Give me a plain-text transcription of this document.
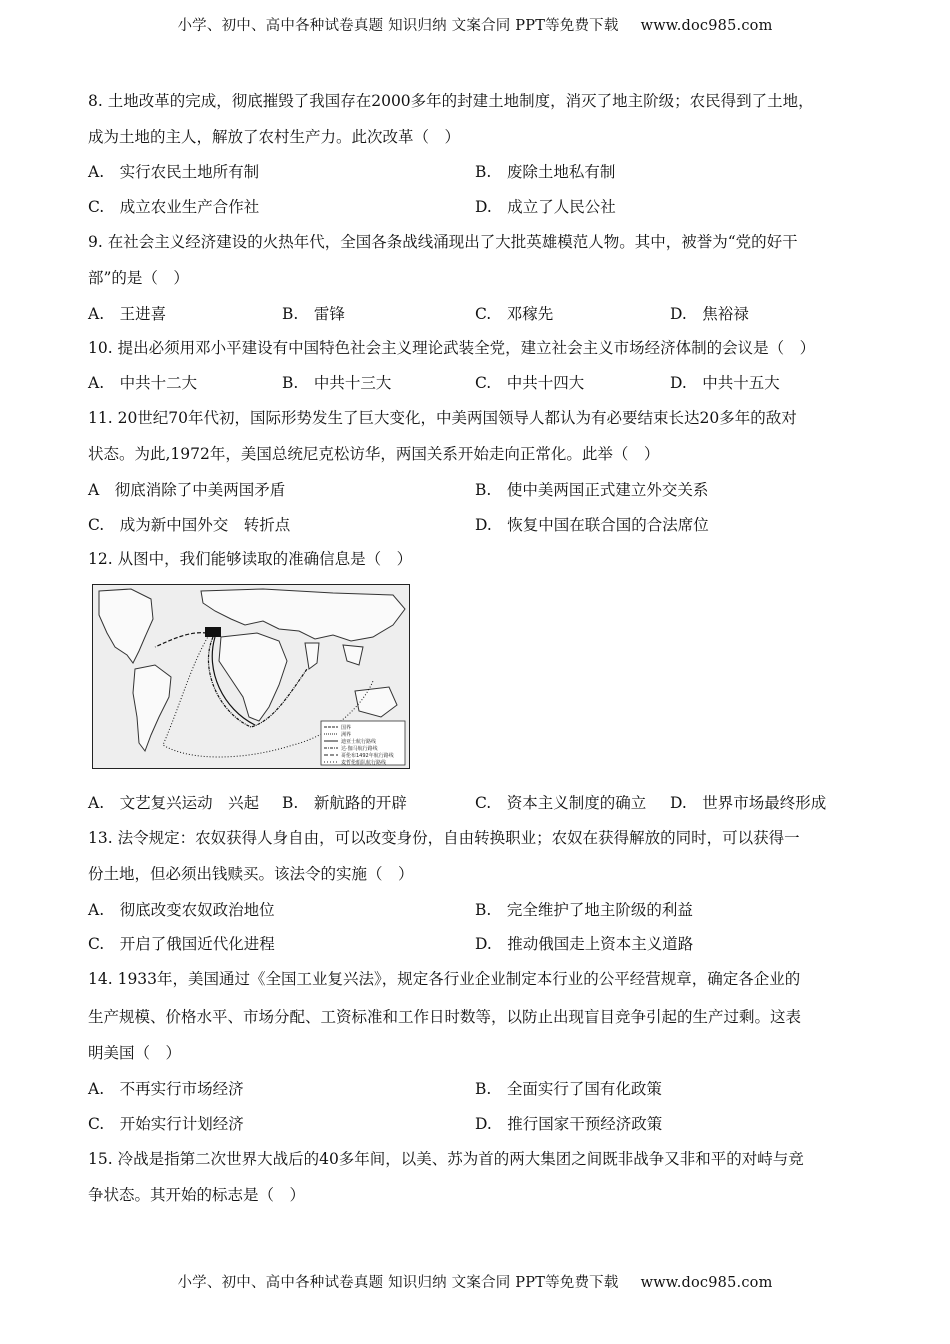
小学、初中、高中各种试卷真题 知识归纳 文案合同 PPT等免费下载 www.doc985.com
8. 土地改革的完成，彻底摧毁了我国存在2000多年的封建土地制度，消灭了地主阶级；农民得到了土地，
成为土地的主人，解放了农村生产力。此次改革（　）
A.　实行农民土地所有制	B.　废除土地私有制
C.　成立农业生产合作社	D.　成立了人民公社
9. 在社会主义经济建设的火热年代，全国各条战线涌现出了大批英雄模范人物。其中，被誉为“党的好干
部”的是（　）
A.　王进喜	B.　雷锋	C.　邓稼先	D.　焦裕禄
10. 提出必须用邓小平建设有中国特色社会主义理论武装全党，建立社会主义市场经济体制的会议是（　）
A.　中共十二大	B.　中共十三大	C.　中共十四大	D.　中共十五大
11. 20世纪70年代初，国际形势发生了巨大变化，中美两国领导人都认为有必要结束长达20多年的敌对
状态。为此,1972年，美国总统尼克松访华，两国关系开始走向正常化。此举（　）
A　彻底消除了中美两国矛盾	B.　使中美两国正式建立外交关系
C.　成为新中国外交　转折点	D.　恢复中国在联合国的合法席位
12. 从图中，我们能够读取的准确信息是（　）
国界
洲界
迪亚士航行路线
达·伽马航行路线
哥伦布1492年航行路线
麦哲伦船队航行路线
A.　文艺复兴运动　兴起 B.　新航路的开辟	C.　资本主义制度的确立 D.　世界市场最终形成
13. 法令规定：农奴获得人身自由，可以改变身份，自由转换职业；农奴在获得解放的同时，可以获得一
份土地，但必须出钱赎买。该法令的实施（　）
A.　彻底改变农奴政治地位	B.　完全维护了地主阶级的利益
C.　开启了俄国近代化进程	D.　推动俄国走上资本主义道路
14. 1933年，美国通过《全国工业复兴法》，规定各行业企业制定本行业的公平经营规章，确定各企业的
生产规模、价格水平、市场分配、工资标准和工作日时数等，以防止出现盲目竞争引起的生产过剩。这表
明美国（　）
A.　不再实行市场经济	B.　全面实行了国有化政策
C.　开始实行计划经济	D.　推行国家干预经济政策
15. 冷战是指第二次世界大战后的40多年间，以美、苏为首的两大集团之间既非战争又非和平的对峙与竞
争状态。其开始的标志是（　）
小学、初中、高中各种试卷真题 知识归纳 文案合同 PPT等免费下载 www.doc985.com
